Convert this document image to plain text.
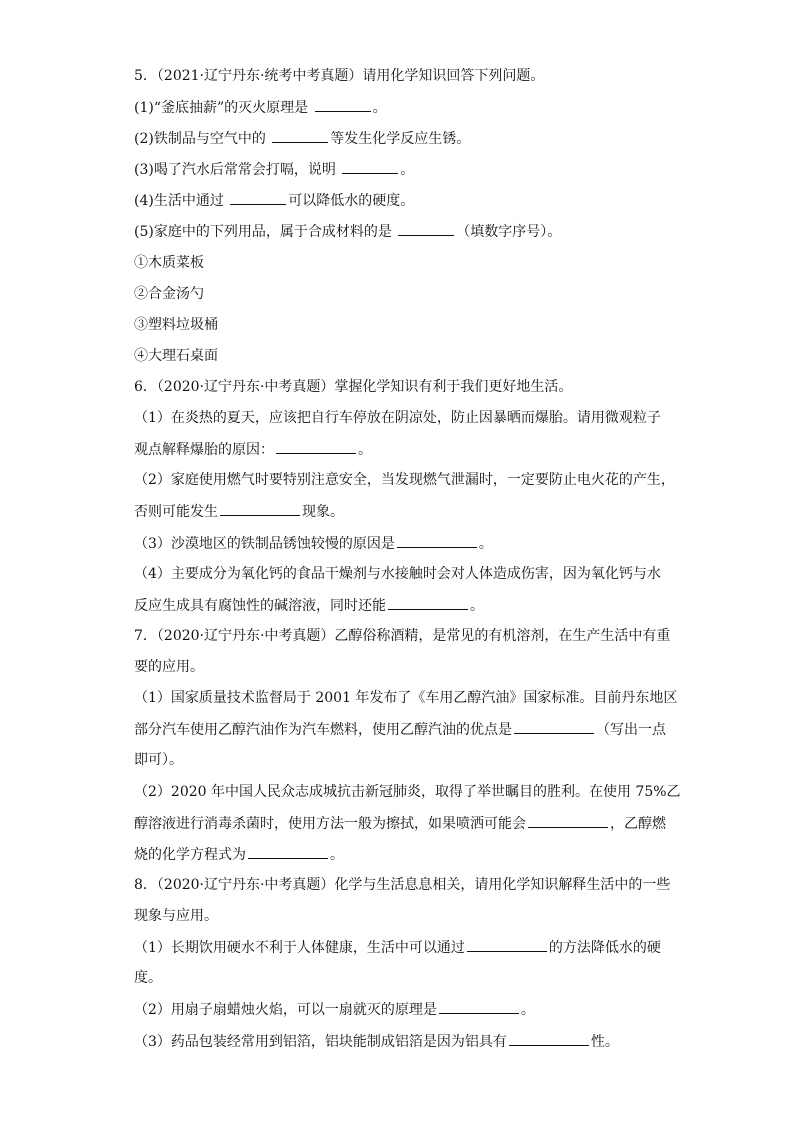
5．（2021·辽宁丹东·统考中考真题）请用化学知识回答下列问题。
(1)“釜底抽薪”的灭火原理是	。
(2)铁制品与空气中的	等发生化学反应生锈。
(3)喝了汽水后常常会打嗝，说明	。
(4)生活中通过	可以降低水的硬度。
(5)家庭中的下列用品，属于合成材料的是	（填数字序号）。
①木质菜板
②合金汤勺
③塑料垃圾桶
④大理石桌面
6．（2020·辽宁丹东·中考真题）掌握化学知识有利于我们更好地生活。
（1）在炎热的夏天，应该把自行车停放在阴凉处，防止因暴晒而爆胎。请用微观粒子
观点解释爆胎的原因：	。
（2）家庭使用燃气时要特别注意安全，当发现燃气泄漏时，一定要防止电火花的产生，
否则可能发生	现象。
（3）沙漠地区的铁制品锈蚀较慢的原因是	。
（4）主要成分为氧化钙的食品干燥剂与水接触时会对人体造成伤害，因为氧化钙与水
反应生成具有腐蚀性的碱溶液，同时还能	。
7．（2020·辽宁丹东·中考真题）乙醇俗称酒精，是常见的有机溶剂，在生产生活中有重
要的应用。
（1）国家质量技术监督局于 2001 年发布了《车用乙醇汽油》国家标准。目前丹东地区
部分汽车使用乙醇汽油作为汽车燃料，使用乙醇汽油的优点是	（写出一点
即可）。
（2）2020 年中国人民众志成城抗击新冠肺炎，取得了举世瞩目的胜利。在使用 75%乙
醇溶液进行消毒杀菌时，使用方法一般为擦拭，如果喷洒可能会	，乙醇燃
烧的化学方程式为	。
8．（2020·辽宁丹东·中考真题）化学与生活息息相关，请用化学知识解释生活中的一些
现象与应用。
（1）长期饮用硬水不利于人体健康，生活中可以通过	的方法降低水的硬
度。
（2）用扇子扇蜡烛火焰，可以一扇就灭的原理是	。
（3）药品包装经常用到铝箔，铝块能制成铝箔是因为铝具有	性。
